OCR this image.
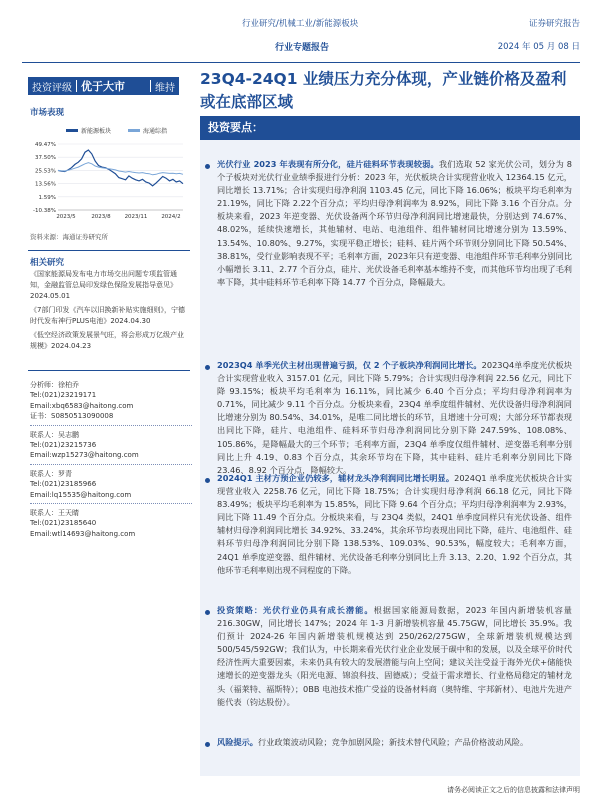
行业研究/机械工业/新能源板块	证券研究报告
行业专题报告	2024 年 05 月 08 日
投资评级 优于大市	维持 23Q4-24Q1 业绩压力充分体现，产业链价格及盈利或在底部区域
市场表现
新能源板块	海通综指
49.47%
37.50%
25.53%
13.56%
1.59%
-10.38%
2023/5	2023/8	2023/11	2024/2
资料来源：海通证券研究所
相关研究
《国家能源局发布电力市场交出问题专项监管通知，金融监管总局印发绿色保险发展指导意见》2024.05.01
《7部门印发《汽车以旧换新补贴实施细则》，宁德时代发布神行PLUS电池》2024.04.30
《低空经济政策发展景气旺，将会形成万亿级产业规模》2024.04.23
分析师：徐柏乔
Tel:(021)23219171
Email:xbq6583@haitong.com
证书：S0850513090008
联系人：吴志鹏
Tel:(021)23215736
Email:wzp15273@haitong.com
联系人：罗青
Tel:(021)23185966
Email:lq15535@haitong.com
联系人：王天睛
Tel:(021)23185640
Email:wtl14693@haitong.com
投资要点：
光伏行业 2023 年表现有所分化，硅片硅料环节表现较弱。我们选取 52 家光伏公司，划分为 8 个子板块对光伏行业业绩季报进行分析：2023 年，光伏板块合计实现营业收入 12364.15 亿元，同比增长 13.71%；合计实现归母净利润 1103.45 亿元，同比下降 16.06%；板块平均毛利率为 21.19%，同比下降 2.22个百分点；平均归母净利润率为 8.92%，同比下降 3.16 个百分点。分板块来看，2023 年逆变器、光伏设备两个环节归母净利润同比增速最快，分别达到 74.67%、48.02%，延续快速增长，其他辅材、电站、电池组件、组件辅材同比增速分别为 13.59%、13.54%、10.80%、9.27%，实现平稳正增长；硅料、硅片两个环节则分别同比下降 50.54%、38.81%，受行业影响表现不平；毛利率方面，2023年只有逆变器、电池组件环节毛利率分别同比小幅增长 3.11、2.77 个百分点，硅片、光伏设备毛利率基本维持不变，而其他环节均出现了毛利率下降，其中硅料环节毛利率下降 14.77 个百分点，降幅最大。
2023Q4 单季光伏主材出现普遍亏损，仅 2 个子板块净利润同比增长。2023Q4单季度光伏板块合计实现营业收入 3157.01 亿元，同比下降 5.79%；合计实现归母净利润 22.56 亿元，同比下降 93.15%；板块平均毛利率为 16.11%，同比减少 6.40 个百分点；平均归母净利润率为 0.71%，同比减少 9.11 个百分点。分板块来看，23Q4 单季度组件辅材、光伏设备归母净利润同比增速分别为 80.54%、34.01%，是唯二同比增长的环节，且增速十分可观；大部分环节都表现出同比下降，硅片、电池组件、硅料环节归母净利润同比分别下降 247.59%、108.08%、105.86%，是降幅最大的三个环节；毛利率方面，23Q4 单季度仅组件辅材、逆变器毛利率分别同比上升 4.19、0.83 个百分点，其余环节均在下降，其中硅料、硅片毛利率分别同比下降 23.46、8.92 个百分点，降幅较大。
2024Q1 主材方预企业仍较多，辅材龙头净利润同比增长明显。2024Q1 单季度光伏板块合计实现营业收入 2258.76 亿元，同比下降 18.75%；合计实现归母净利润 66.18 亿元，同比下降 83.49%；板块平均毛利率为 15.85%，同比下降 9.64 个百分点；平均归母净利润率为 2.93%，同比下降 11.49 个百分点。分板块来看，与 23Q4 类似，24Q1 单季度同样只有光伏设备、组件辅材归母净利润同比增长 34.92%、33.24%，其余环节均表现出同比下降，硅片、电池组件、硅料环节归母净利润同比分别下降 138.53%、109.03%、90.53%，幅度较大；毛利率方面，24Q1 单季度逆变器、组件辅材、光伏设备毛利率分别同比上升 3.13、2.20、1.92 个百分点，其他环节毛利率则出现不同程度的下降。
投资策略：光伏行业仍具有成长潜能。根据国家能源局数据，2023 年国内新增装机容量 216.30GW，同比增长 147%；2024 年 1-3 月新增装机容量 45.75GW，同比增长 35.9%。我们预计 2024-26 年国内新增装机规模达到 250/262/275GW，全球新增装机规模达到 500/545/592GW；我们认为，中长期来看光伏行业企业发展于碳中和的发展，以及全球平价时代经济性两大重要因素，未来仍具有较大的发展潜能与向上空间；建议关注受益于海外光伏+储能快速增长的逆变器龙头（阳光电源、锦浪科技、固德威）；受益于需求增长、行业格局稳定的辅材龙头（福莱特、福斯特）；0BB 电池技术推广受益的设备材料商（奥特维、宇邦新材）、电池片先进产能代表（钧达股份）。
风险提示。行业政策波动风险；竞争加剧风险；新技术替代风险；产品价格波动风险。
请务必阅读正文之后的信息披露和法律声明
